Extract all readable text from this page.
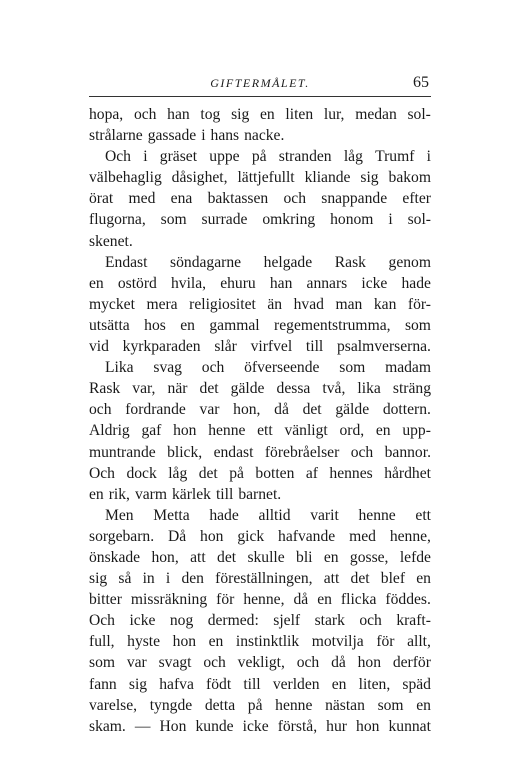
GIFTERMÅLET.	65
hopa, och han tog sig en liten lur, medan sol-
strålarne gassade i hans nacke.
Och i gräset uppe på stranden låg Trumf i
välbehaglig dåsighet, lättjefullt kliande sig bakom
örat med ena baktassen och snappande efter
flugorna, som surrade omkring honom i sol-
skenet.
Endast söndagarne helgade Rask genom
en ostörd hvila, ehuru han annars icke hade
mycket mera religiositet än hvad man kan för-
utsätta hos en gammal regementstrumma, som
vid kyrkparaden slår virfvel till psalmverserna.
Lika svag och öfverseende som madam
Rask var, när det gälde dessa två, lika sträng
och fordrande var hon, då det gälde dottern.
Aldrig gaf hon henne ett vänligt ord, en upp-
muntrande blick, endast förebråelser och bannor.
Och dock låg det på botten af hennes hårdhet
en rik, varm kärlek till barnet.
Men Metta hade alltid varit henne ett
sorgebarn. Då hon gick hafvande med henne,
önskade hon, att det skulle bli en gosse, lefde
sig så in i den föreställningen, att det blef en
bitter missräkning för henne, då en flicka föddes.
Och icke nog dermed: sjelf stark och kraft-
full, hyste hon en instinktlik motvilja för allt,
som var svagt och vekligt, och då hon derför
fann sig hafva födt till verlden en liten, späd
varelse, tyngde detta på henne nästan som en
skam. — Hon kunde icke förstå, hur hon kunnat
